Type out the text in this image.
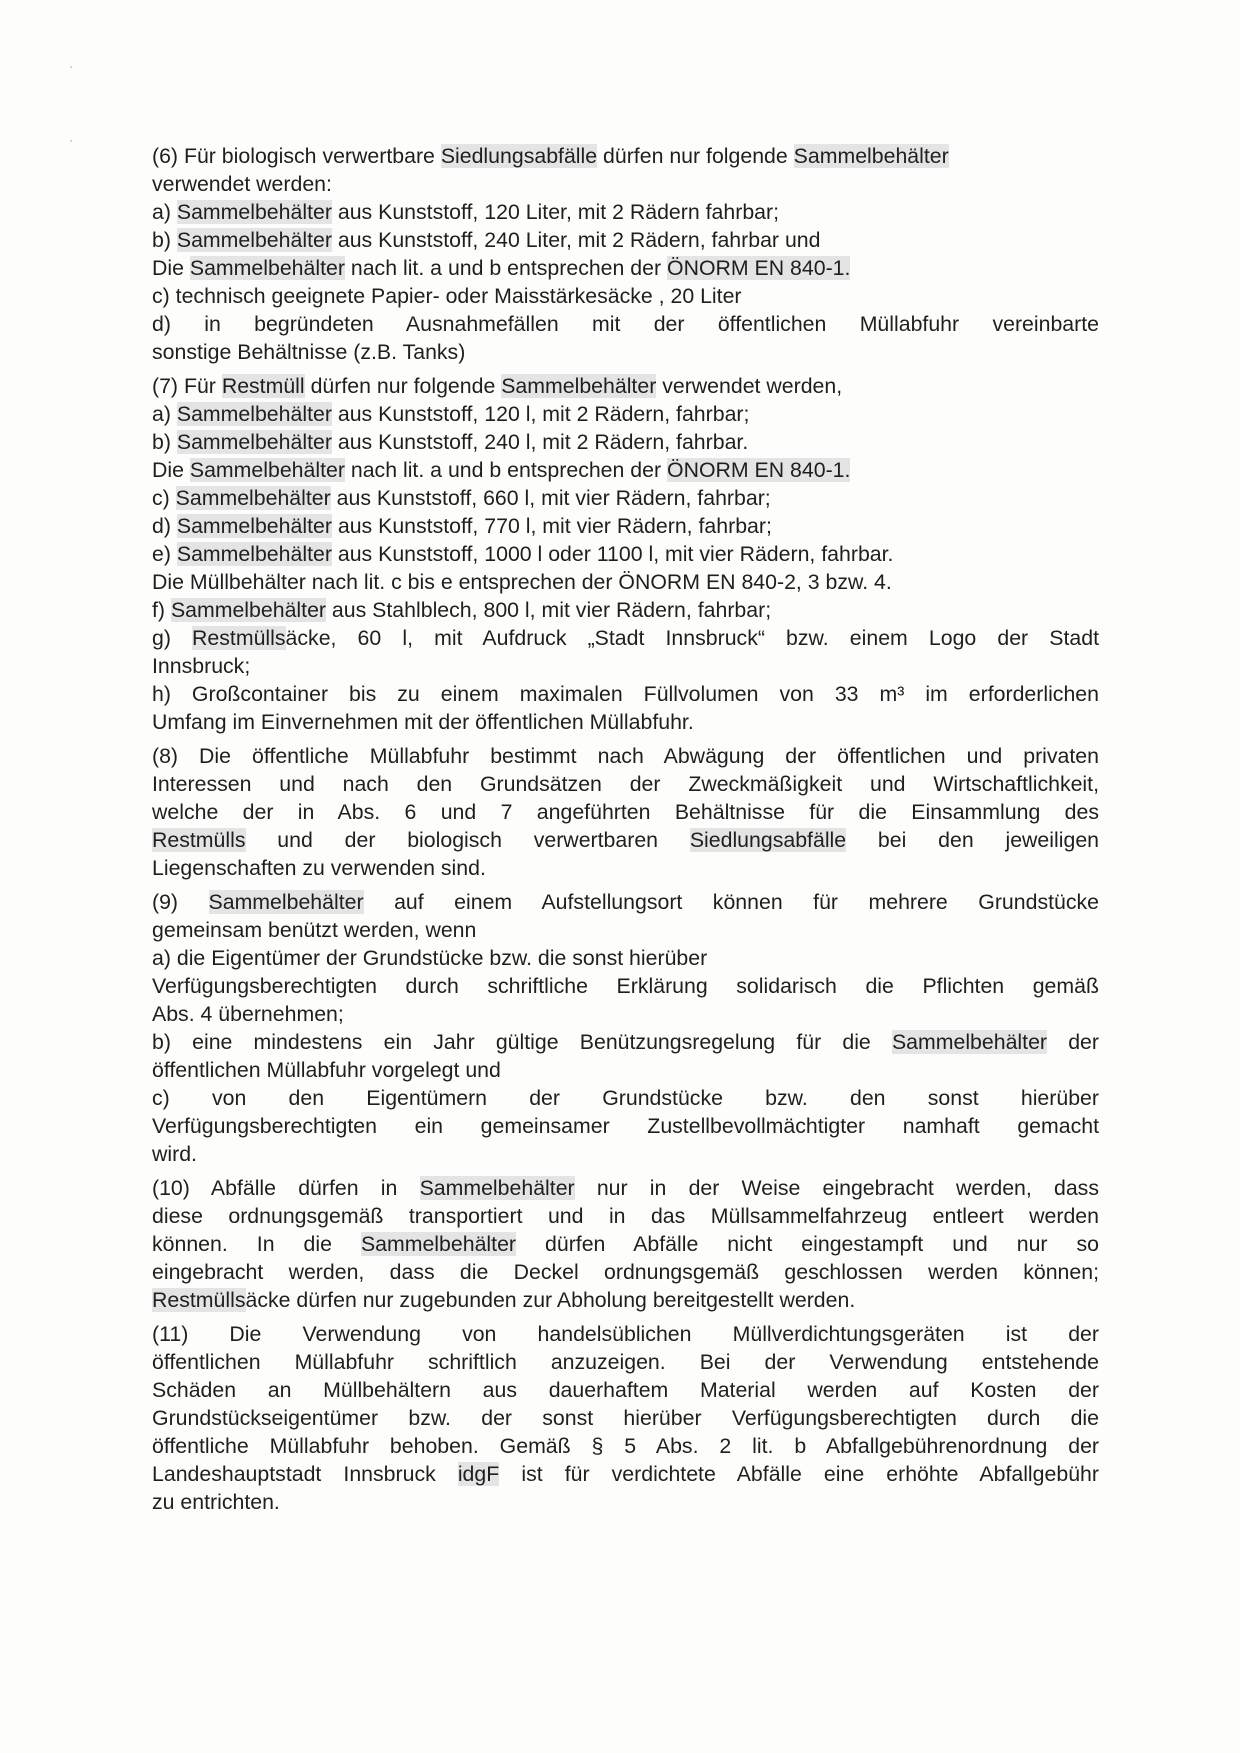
(6) Für biologisch verwertbare Siedlungsabfälle dürfen nur folgende Sammelbehälter
verwendet werden:
a) Sammelbehälter aus Kunststoff, 120 Liter, mit 2 Rädern fahrbar;
b) Sammelbehälter aus Kunststoff, 240 Liter, mit 2 Rädern, fahrbar und
Die Sammelbehälter nach lit. a und b entsprechen der ÖNORM EN 840-1.
c) technisch geeignete Papier- oder Maisstärkesäcke , 20 Liter
d) in begründeten Ausnahmefällen mit der öffentlichen Müllabfuhr vereinbarte
sonstige Behältnisse (z.B. Tanks)
(7) Für Restmüll dürfen nur folgende Sammelbehälter verwendet werden,
a) Sammelbehälter aus Kunststoff, 120 l, mit 2 Rädern, fahrbar;
b) Sammelbehälter aus Kunststoff, 240 l, mit 2 Rädern, fahrbar.
Die Sammelbehälter nach lit. a und b entsprechen der ÖNORM EN 840-1.
c) Sammelbehälter aus Kunststoff, 660 l, mit vier Rädern, fahrbar;
d) Sammelbehälter aus Kunststoff, 770 l, mit vier Rädern, fahrbar;
e) Sammelbehälter aus Kunststoff, 1000 l oder 1100 l, mit vier Rädern, fahrbar.
Die Müllbehälter nach lit. c bis e entsprechen der ÖNORM EN 840-2, 3 bzw. 4.
f) Sammelbehälter aus Stahlblech, 800 l, mit vier Rädern, fahrbar;
g) Restmüllsäcke, 60 l, mit Aufdruck „Stadt Innsbruck“ bzw. einem Logo der Stadt
Innsbruck;
h) Großcontainer bis zu einem maximalen Füllvolumen von 33 m³ im erforderlichen
Umfang im Einvernehmen mit der öffentlichen Müllabfuhr.
(8) Die öffentliche Müllabfuhr bestimmt nach Abwägung der öffentlichen und privaten
Interessen und nach den Grundsätzen der Zweckmäßigkeit und Wirtschaftlichkeit,
welche der in Abs. 6 und 7 angeführten Behältnisse für die Einsammlung des
Restmülls und der biologisch verwertbaren Siedlungsabfälle bei den jeweiligen
Liegenschaften zu verwenden sind.
(9) Sammelbehälter auf einem Aufstellungsort können für mehrere Grundstücke
gemeinsam benützt werden, wenn
a) die Eigentümer der Grundstücke bzw. die sonst hierüber
Verfügungsberechtigten durch schriftliche Erklärung solidarisch die Pflichten gemäß
Abs. 4 übernehmen;
b) eine mindestens ein Jahr gültige Benützungsregelung für die Sammelbehälter der
öffentlichen Müllabfuhr vorgelegt und
c) von den Eigentümern der Grundstücke bzw. den sonst hierüber
Verfügungsberechtigten ein gemeinsamer Zustellbevollmächtigter namhaft gemacht
wird.
(10) Abfälle dürfen in Sammelbehälter nur in der Weise eingebracht werden, dass
diese ordnungsgemäß transportiert und in das Müllsammelfahrzeug entleert werden
können. In die Sammelbehälter dürfen Abfälle nicht eingestampft und nur so
eingebracht werden, dass die Deckel ordnungsgemäß geschlossen werden können;
Restmüllsäcke dürfen nur zugebunden zur Abholung bereitgestellt werden.
(11) Die Verwendung von handelsüblichen Müllverdichtungsgeräten ist der
öffentlichen Müllabfuhr schriftlich anzuzeigen. Bei der Verwendung entstehende
Schäden an Müllbehältern aus dauerhaftem Material werden auf Kosten der
Grundstückseigentümer bzw. der sonst hierüber Verfügungsberechtigten durch die
öffentliche Müllabfuhr behoben. Gemäß § 5 Abs. 2 lit. b Abfallgebührenordnung der
Landeshauptstadt Innsbruck idgF ist für verdichtete Abfälle eine erhöhte Abfallgebühr
zu entrichten.
